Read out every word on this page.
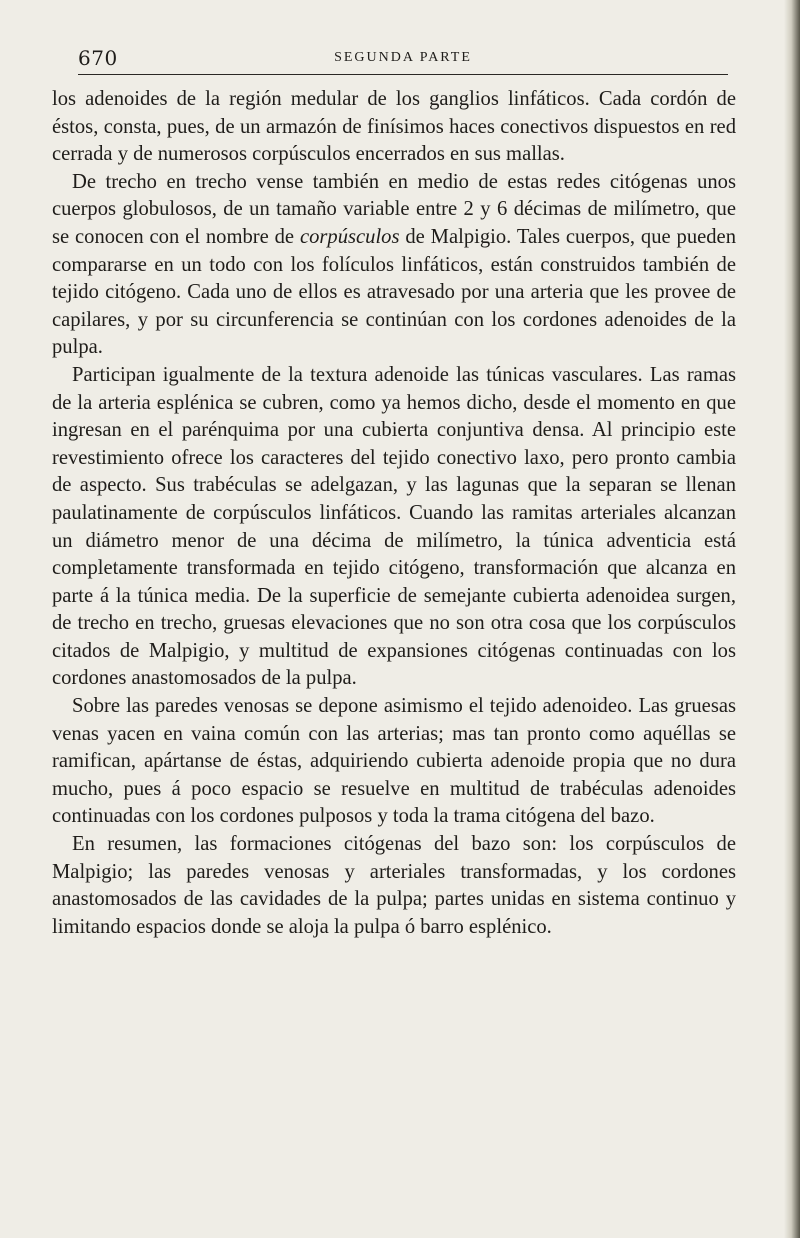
670	SEGUNDA PARTE

los adenoides de la región medular de los ganglios linfáticos. Cada cordón de éstos, consta, pues, de un armazón de finísimos haces conectivos dispuestos en red cerrada y de numerosos corpúsculos encerrados en sus mallas.

De trecho en trecho vense también en medio de estas redes citógenas unos cuerpos globulosos, de un tamaño variable entre 2 y 6 décimas de milímetro, que se conocen con el nombre de corpúsculos de Malpigio. Tales cuerpos, que pueden compararse en un todo con los folículos linfáticos, están construidos también de tejido citógeno. Cada uno de ellos es atravesado por una arteria que les provee de capilares, y por su circunferencia se continúan con los cordones adenoides de la pulpa.

Participan igualmente de la textura adenoide las túnicas vasculares. Las ramas de la arteria esplénica se cubren, como ya hemos dicho, desde el momento en que ingresan en el parénquima por una cubierta conjuntiva densa. Al principio este revestimiento ofrece los caracteres del tejido conectivo laxo, pero pronto cambia de aspecto. Sus trabéculas se adelgazan, y las lagunas que la separan se llenan paulatinamente de corpúsculos linfáticos. Cuando las ramitas arteriales alcanzan un diámetro menor de una décima de milímetro, la túnica adventicia está completamente transformada en tejido citógeno, transformación que alcanza en parte á la túnica media. De la superficie de semejante cubierta adenoidea surgen, de trecho en trecho, gruesas elevaciones que no son otra cosa que los corpúsculos citados de Malpigio, y multitud de expansiones citógenas continuadas con los cordones anastomosados de la pulpa.

Sobre las paredes venosas se depone asimismo el tejido adenoideo. Las gruesas venas yacen en vaina común con las arterias; mas tan pronto como aquéllas se ramifican, apártanse de éstas, adquiriendo cubierta adenoide propia que no dura mucho, pues á poco espacio se resuelve en multitud de trabéculas adenoides continuadas con los cordones pulposos y toda la trama citógena del bazo.

En resumen, las formaciones citógenas del bazo son: los corpúsculos de Malpigio; las paredes venosas y arteriales transformadas, y los cordones anastomosados de las cavidades de la pulpa; partes unidas en sistema continuo y limitando espacios donde se aloja la pulpa ó barro esplénico.
